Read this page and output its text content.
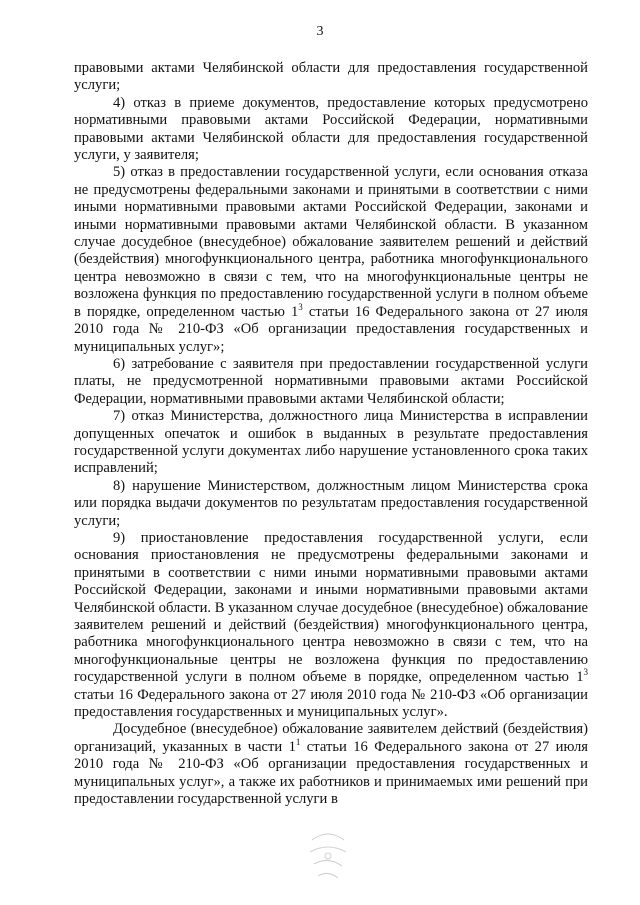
3

правовыми актами Челябинской области для предоставления государственной услуги;

4) отказ в приеме документов, предоставление которых предусмотрено нормативными правовыми актами Российской Федерации, нормативными правовыми актами Челябинской области для предоставления государственной услуги, у заявителя;

5) отказ в предоставлении государственной услуги, если основания отказа не предусмотрены федеральными законами и принятыми в соответствии с ними иными нормативными правовыми актами Российской Федерации, законами и иными нормативными правовыми актами Челябинской области. В указанном случае досудебное (внесудебное) обжалование заявителем решений и действий (бездействия) многофункционального центра, работника многофункционального центра невозможно в связи с тем, что на многофункциональные центры не возложена функция по предоставлению государственной услуги в полном объеме в порядке, определенном частью $1^3$ статьи 16 Федерального закона от 27 июля 2010 года № 210-ФЗ «Об организации предоставления государственных и муниципальных услуг»;

6) затребование с заявителя при предоставлении государственной услуги платы, не предусмотренной нормативными правовыми актами Российской Федерации, нормативными правовыми актами Челябинской области;

7) отказ Министерства, должностного лица Министерства в исправлении допущенных опечаток и ошибок в выданных в результате предоставления государственной услуги документах либо нарушение установленного срока таких исправлений;

8) нарушение Министерством, должностным лицом Министерства срока или порядка выдачи документов по результатам предоставления государственной услуги;

9) приостановление предоставления государственной услуги, если основания приостановления не предусмотрены федеральными законами и принятыми в соответствии с ними иными нормативными правовыми актами Российской Федерации, законами и иными нормативными правовыми актами Челябинской области. В указанном случае досудебное (внесудебное) обжалование заявителем решений и действий (бездействия) многофункционального центра, работника многофункционального центра невозможно в связи с тем, что на многофункциональные центры не возложена функция по предоставлению государственной услуги в полном объеме в порядке, определенном частью $1^3$ статьи 16 Федерального закона от 27 июля 2010 года № 210-ФЗ «Об организации предоставления государственных и муниципальных услуг».

Досудебное (внесудебное) обжалование заявителем действий (бездействия) организаций, указанных в части $1^1$ статьи 16 Федерального закона от 27 июля 2010 года № 210-ФЗ «Об организации предоставления государственных и муниципальных услуг», а также их работников и принимаемых ими решений при предоставлении государственной услуги в
